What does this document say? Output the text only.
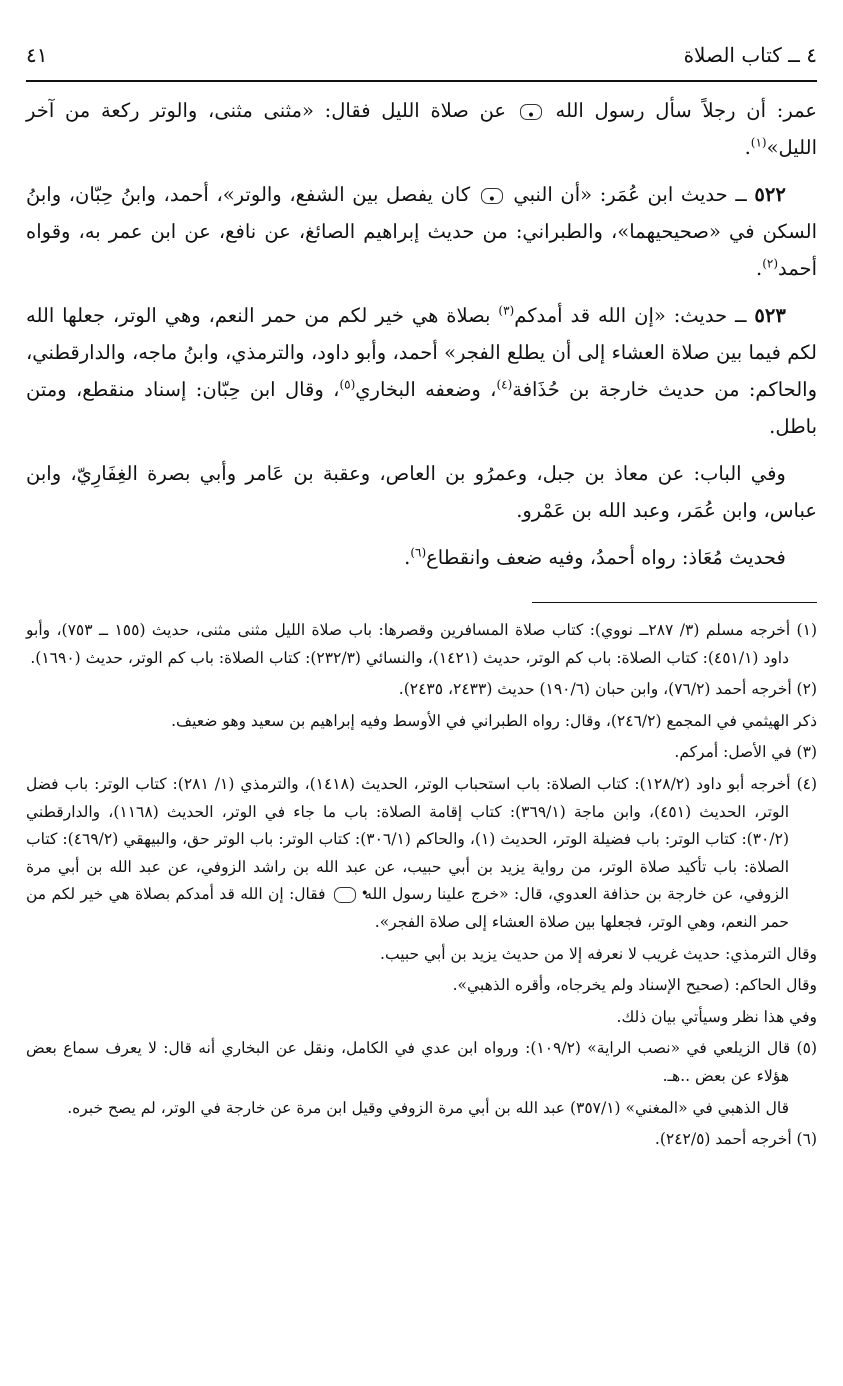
٤ ــ كتاب الصلاة
٤١

عمر: أن رجلاً سأل رسول الله • عن صلاة الليل فقال: «مثنى مثنى، والوتر ركعة من آخر الليل»$^{(١)}$.

٥٢٢ ــ حديث ابن عُمَر: «أن النبي • كان يفصل بين الشفع، والوتر»، أحمد، وابنُ حِبّان، وابنُ السكن في «صحيحيهما»، والطبراني: من حديث إبراهيم الصائغ، عن نافع، عن ابن عمر به، وقواه أحمد$^{(٢)}$.

٥٢٣ ــ حديث: «إن الله قد أمدكم$^{(٣)}$ بصلاة هي خير لكم من حمر النعم، وهي الوتر، جعلها الله لكم فيما بين صلاة العشاء إلى أن يطلع الفجر» أحمد، وأبو داود، والترمذي، وابنُ ماجه، والدارقطني، والحاكم: من حديث خارجة بن حُذَافة$^{(٤)}$، وضعفه البخاري$^{(٥)}$، وقال ابن حِبّان: إسناد منقطع، ومتن باطل.

وفي الباب: عن معاذ بن جبل، وعمرُو بن العاص، وعقبة بن عَامر وأبي بصرة الغِفَارِيّ، وابن عباس، وابن عُمَر، وعبد الله بن عَمْرو.

فحديث مُعَاذ: رواه أحمدُ، وفيه ضعف وانقطاع$^{(٦)}$.

(١) أخرجه مسلم (٣/ ٢٨٧ــ نووي): كتاب صلاة المسافرين وقصرها: باب صلاة الليل مثنى مثنى، حديث (١٥٥ ــ ٧٥٣)، وأبو داود (٤٥١/١): كتاب الصلاة: باب كم الوتر، حديث (١٤٢١)، والنسائي (٢٣٢/٣): كتاب الصلاة: باب كم الوتر، حديث (١٦٩٠).

(٢) أخرجه أحمد (٧٦/٢)، وابن حبان (١٩٠/٦) حديث (٢٤٣٣، ٢٤٣٥).

ذكر الهيثمي في المجمع (٢٤٦/٢)، وقال: رواه الطبراني في الأوسط وفيه إبراهيم بن سعيد وهو ضعيف.

(٣) في الأصل: أمركم.

(٤) أخرجه أبو داود (١٢٨/٢): كتاب الصلاة: باب استحباب الوتر، الحديث (١٤١٨)، والترمذي (١/ ٢٨١): كتاب الوتر: باب فضل الوتر، الحديث (٤٥١)، وابن ماجة (٣٦٩/١): كتاب إقامة الصلاة: باب ما جاء في الوتر، الحديث (١١٦٨)، والدارقطني (٣٠/٢): كتاب الوتر: باب فضيلة الوتر، الحديث (١)، والحاكم (٣٠٦/١): كتاب الوتر: باب الوتر حق، والبيهقي (٤٦٩/٢): كتاب الصلاة: باب تأكيد صلاة الوتر، من رواية يزيد بن أبي حبيب، عن عبد الله بن راشد الزوفي، عن عبد الله بن أبي مرة الزوفي، عن خارجة بن حذافة العدوي، قال: «خرج علينا رسول الله • فقال: إن الله قد أمدكم بصلاة هي خير لكم من حمر النعم، وهي الوتر، فجعلها بين صلاة العشاء إلى صلاة الفجر».

وقال الترمذي: حديث غريب لا نعرفه إلا من حديث يزيد بن أبي حبيب.

وقال الحاكم: (صحيح الإسناد ولم يخرجاه، وأقره الذهبي».

وفي هذا نظر وسيأتي بيان ذلك.

(٥) قال الزيلعي في «نصب الراية» (١٠٩/٢): ورواه ابن عدي في الكامل، ونقل عن البخاري أنه قال: لا يعرف سماع بعض هؤلاء عن بعض ..هـ.

قال الذهبي في «المغني» (٣٥٧/١) عبد الله بن أبي مرة الزوفي وقيل ابن مرة عن خارجة في الوتر، لم يصح خبره.

(٦) أخرجه أحمد (٢٤٢/٥).
